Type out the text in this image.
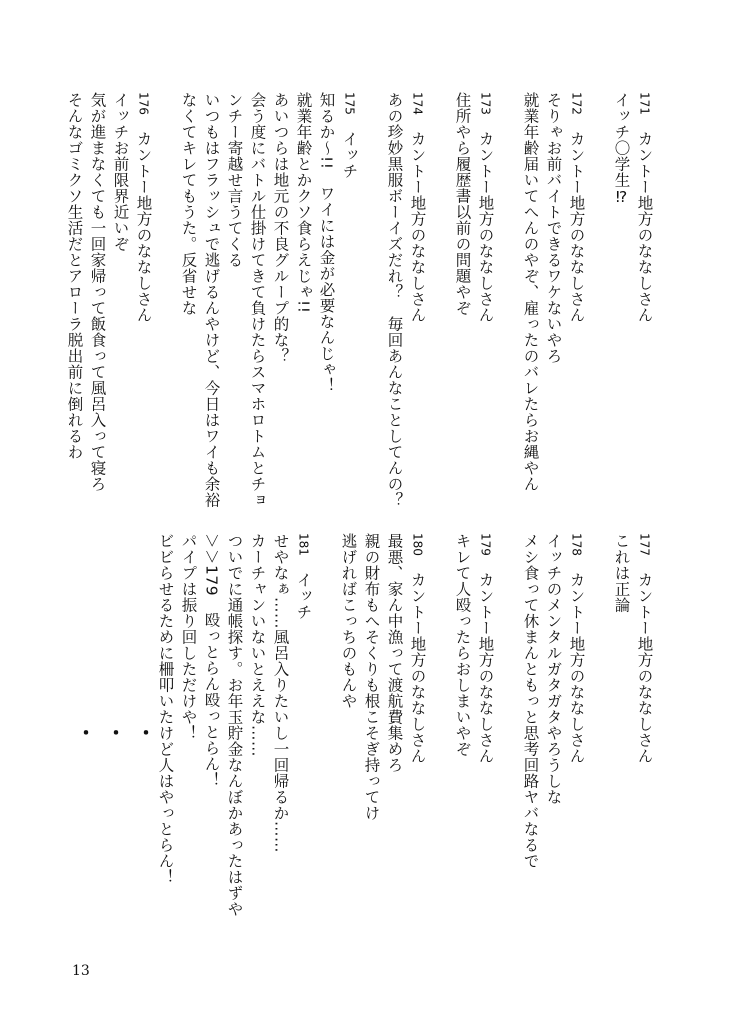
171　カントー地方のななしさん
イッチ〇学生⁉
172　カントー地方のななしさん
そりゃお前バイトできるワケないやろ
就業年齢届いてへんのやぞ、雇ったのバレたらお縄やん
173　カントー地方のななしさん
住所やら履歴書以前の問題やぞ
174　カントー地方のななしさん
あの珍妙黒服ボーイズだれ？　毎回あんなことしてんの？
175　イッチ
知るか～!!　ワイには金が必要なんじゃ！
就業年齢とかクソ食らえじゃ!!
あいつらは地元の不良グループ的な？
会う度にバトル仕掛けてきて負けたらスマホロトムとチョ
ンチー寄越せ言うてくる
いつもはフラッシュで逃げるんやけど、今日はワイも余裕
なくてキレてもうた。反省せな
176　カントー地方のななしさん
イッチお前限界近いぞ
気が進まなくても一回家帰って飯食って風呂入って寝ろ
そんなゴミクソ生活だとアローラ脱出前に倒れるわ
177　カントー地方のななしさん
これは正論
178　カントー地方のななしさん
イッチのメンタルガタガタやろうしな
メシ食って休まんともっと思考回路ヤバなるで
179　カントー地方のななしさん
キレて人殴ったらおしまいやぞ
180　カントー地方のななしさん
最悪、家ん中漁って渡航費集めろ
親の財布もへそくりも根こそぎ持ってけ
逃げればこっちのもんや
181　イッチ
せやなぁ……風呂入りたいし一回帰るか……
カーチャンいないとええな……
ついでに通帳探す。お年玉貯金なんぼかあったはずや
＞＞179　殴っとらん殴っとらん！
パイプは振り回しただけや！
ビビらせるために柵叩いたけど人はやっとらん！
・・・
13
